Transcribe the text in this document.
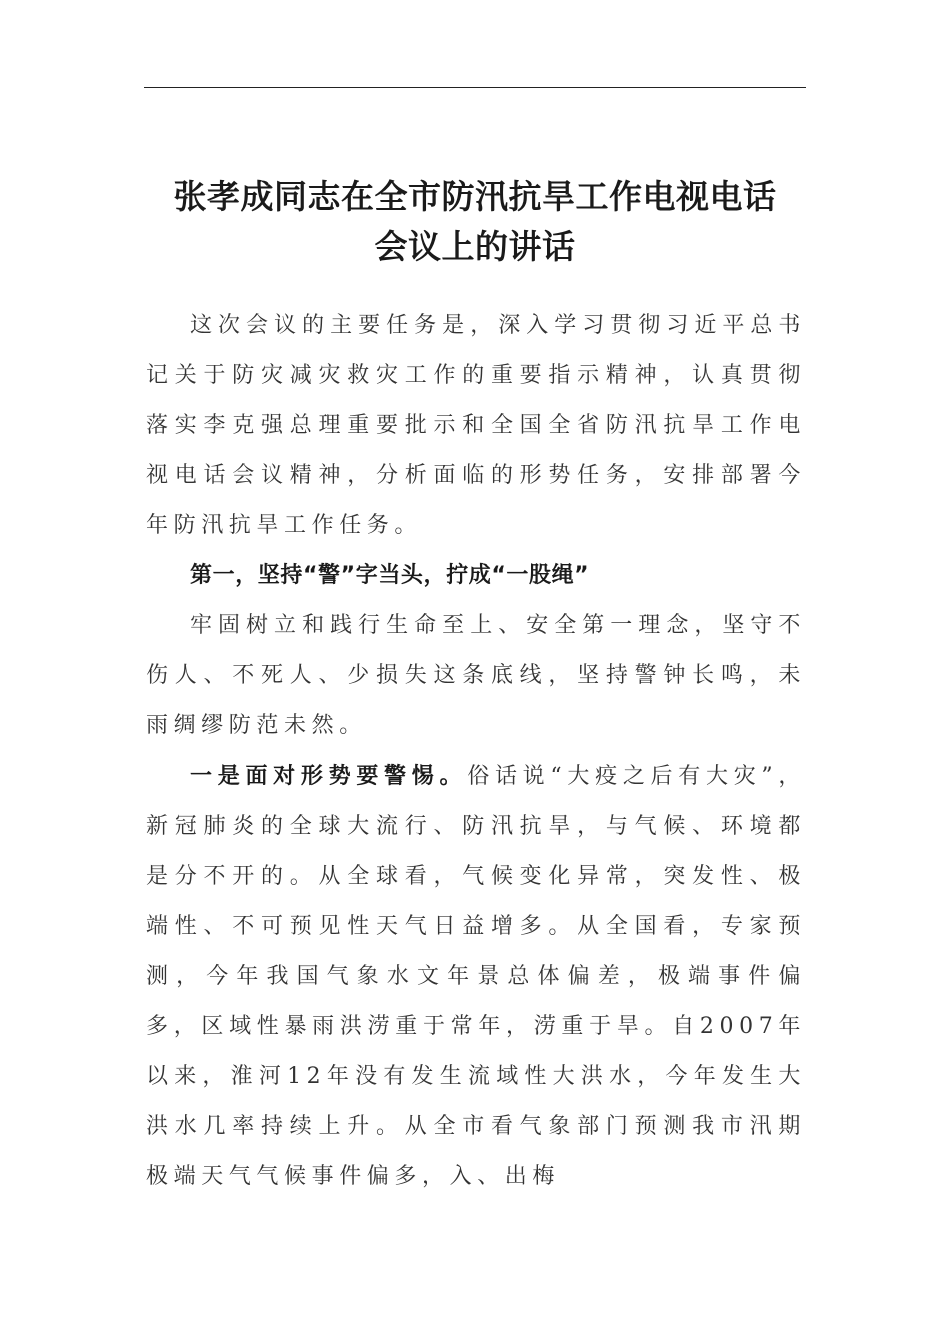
张孝成同志在全市防汛抗旱工作电视电话
会议上的讲话

这次会议的主要任务是，深入学习贯彻习近平总书记关于防灾减灾救灾工作的重要指示精神，认真贯彻落实李克强总理重要批示和全国全省防汛抗旱工作电视电话会议精神，分析面临的形势任务，安排部署今年防汛抗旱工作任务。

第一，坚持“警”字当头，拧成“一股绳”

牢固树立和践行生命至上、安全第一理念，坚守不伤人、不死人、少损失这条底线，坚持警钟长鸣，未雨绸缪防范未然。

一是面对形势要警惕。俗话说“大疫之后有大灾”，新冠肺炎的全球大流行、防汛抗旱，与气候、环境都是分不开的。从全球看，气候变化异常，突发性、极端性、不可预见性天气日益增多。从全国看，专家预测，今年我国气象水文年景总体偏差，极端事件偏多，区域性暴雨洪涝重于常年，涝重于旱。自2007年以来，淮河12年没有发生流域性大洪水，今年发生大洪水几率持续上升。从全市看气象部门预测我市汛期极端天气气候事件偏多，入、出梅
